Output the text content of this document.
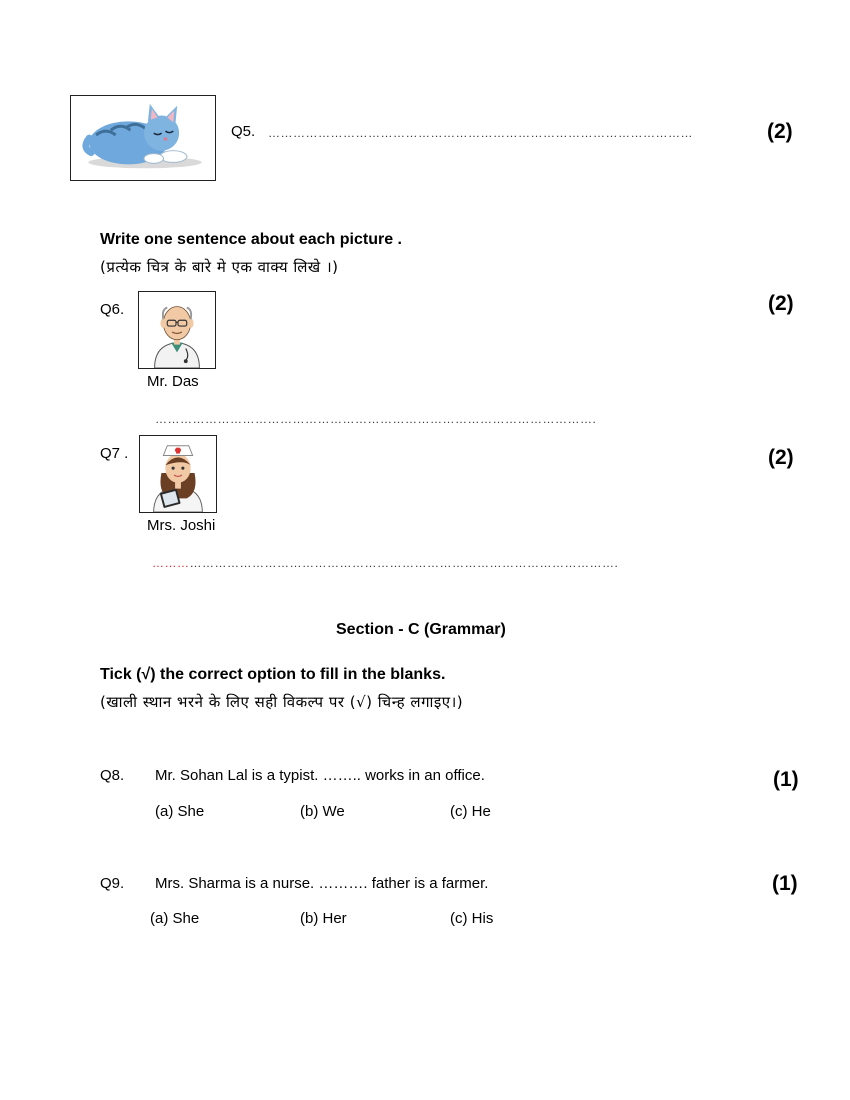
Q5. …………………………………………………………………………………………	(2)
Write one sentence about each picture .
(प्रत्येक चित्र के बारे मे एक वाक्य लिखे ।)
Q6.
Mr. Das
(2)
…………………………………………………………………………………………….
Q7 .
Mrs. Joshi
(2)
………………………………………………………………………………………………….
Section - C (Grammar)
Tick (√) the correct option to fill in the blanks.
(खाली स्थान भरने के लिए सही विकल्प पर (√) चिन्ह लगाइए।)
Q8. Mr. Sohan Lal is a typist. …….. works in an office.	(1)
(a) She	(b) We	(c) He
Q9. Mrs. Sharma is a nurse. ………. father is a farmer.	(1)
(a) She	(b) Her	(c) His
